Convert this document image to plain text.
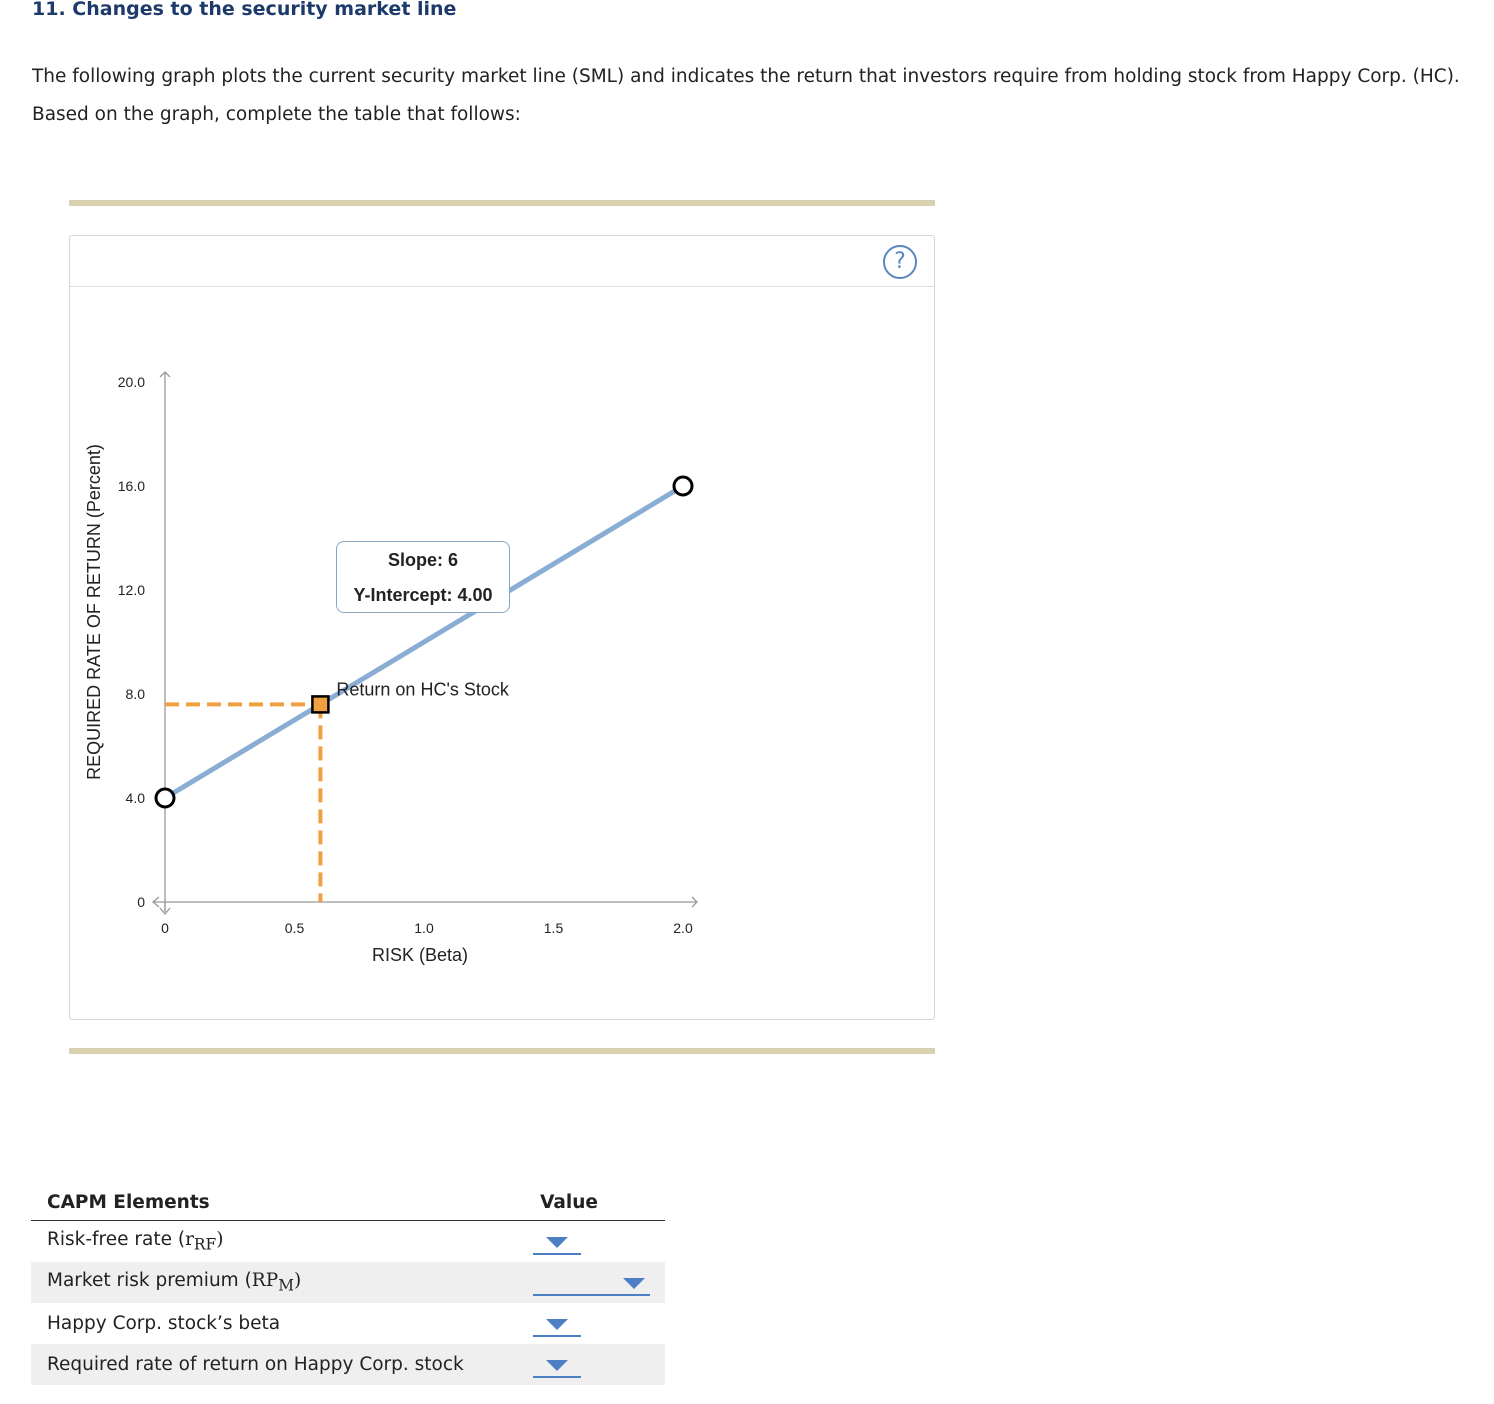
11. Changes to the security market line

The following graph plots the current security market line (SML) and indicates the return that investors require from holding stock from Happy Corp. (HC). Based on the graph, complete the table that follows:

?
0
4.0
8.0
12.0
16.0
20.0
0	0.5	1.0	1.5	2.0
RISK (Beta)
REQUIRED RATE OF RETURN (Percent)	Return on HC's Stock
Slope: 6
Y-Intercept: 4.00
CAPM Elements	Value
Risk-free rate $(r_{RF})$	

Market risk premium $(RP_M)$	

Happy Corp. stock’s beta	

Required rate of return on Happy Corp. stock	
